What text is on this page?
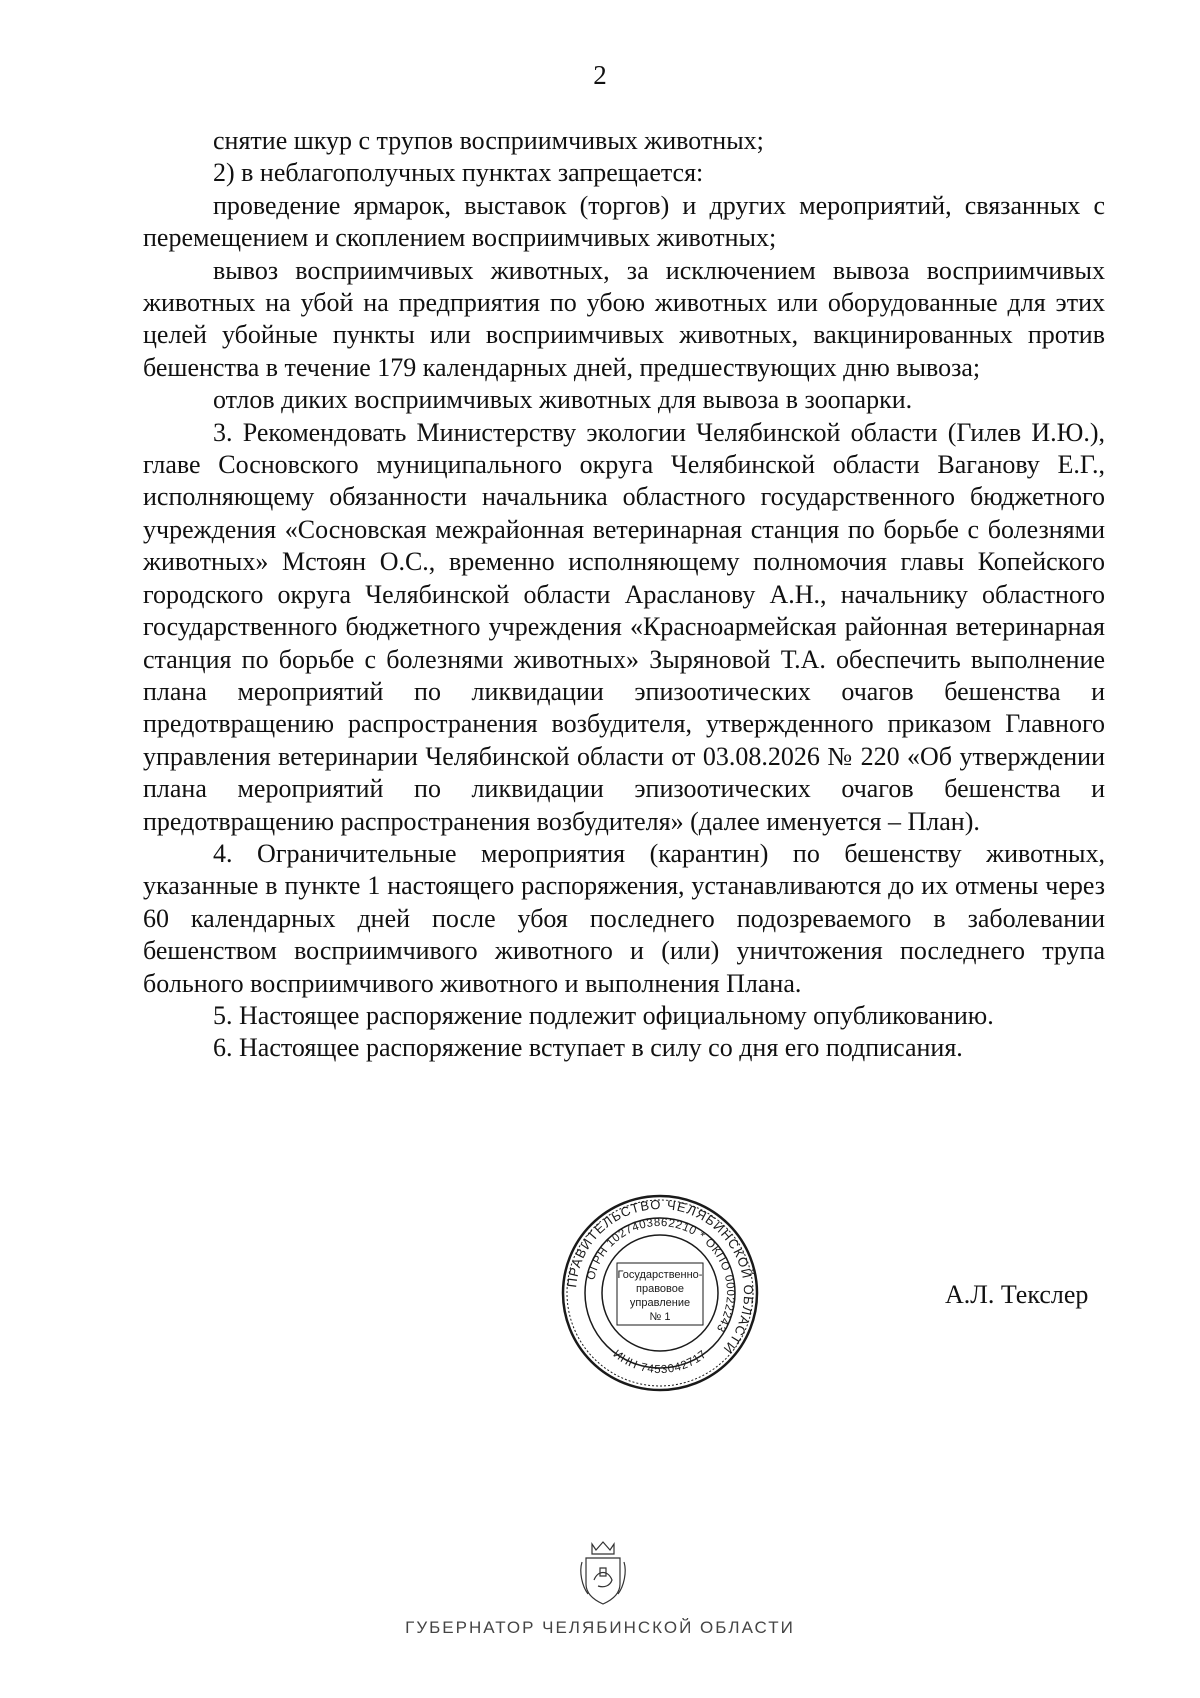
2

снятие шкур с трупов восприимчивых животных;

2) в неблагополучных пунктах запрещается:

проведение ярмарок, выставок (торгов) и других мероприятий, связанных с перемещением и скоплением восприимчивых животных;

вывоз восприимчивых животных, за исключением вывоза восприимчивых животных на убой на предприятия по убою животных или оборудованные для этих целей убойные пункты или восприимчивых животных, вакцинированных против бешенства в течение 179 календарных дней, предшествующих дню вывоза;

отлов диких восприимчивых животных для вывоза в зоопарки.

3. Рекомендовать Министерству экологии Челябинской области (Гилев И.Ю.), главе Сосновского муниципального округа Челябинской области Ваганову Е.Г., исполняющему обязанности начальника областного государственного бюджетного учреждения «Сосновская межрайонная ветеринарная станция по борьбе с болезнями животных» Мстоян О.С., временно исполняющему полномочия главы Копейского городского округа Челябинской области Арасланову А.Н., начальнику областного государственного бюджетного учреждения «Красноармейская районная ветеринарная станция по борьбе с болезнями животных» Зыряновой Т.А. обеспечить выполнение плана мероприятий по ликвидации эпизоотических очагов бешенства и предотвращению распространения возбудителя, утвержденного приказом Главного управления ветеринарии Челябинской области от 03.08.2026 № 220 «Об утверждении плана мероприятий по ликвидации эпизоотических очагов бешенства и предотвращению распространения возбудителя» (далее именуется – План).

4. Ограничительные мероприятия (карантин) по бешенству животных, указанные в пункте 1 настоящего распоряжения, устанавливаются до их отмены через 60 календарных дней после убоя последнего подозреваемого в заболевании бешенством восприимчивого животного и (или) уничтожения последнего трупа больного восприимчивого животного и выполнения Плана.

5. Настоящее распоряжение подлежит официальному опубликованию.

6. Настоящее распоряжение вступает в силу со дня его подписания.

ПРАВИТЕЛЬСТВО ЧЕЛЯБИНСКОЙ ОБЛАСТИ
ОГРН 1027403862210 * ОКПО 00022243
ИНН 7453042717
Государственно-
правовое
управление
№ 1
А.Л. Текслер
ГУБЕРНАТОР ЧЕЛЯБИНСКОЙ ОБЛАСТИ
